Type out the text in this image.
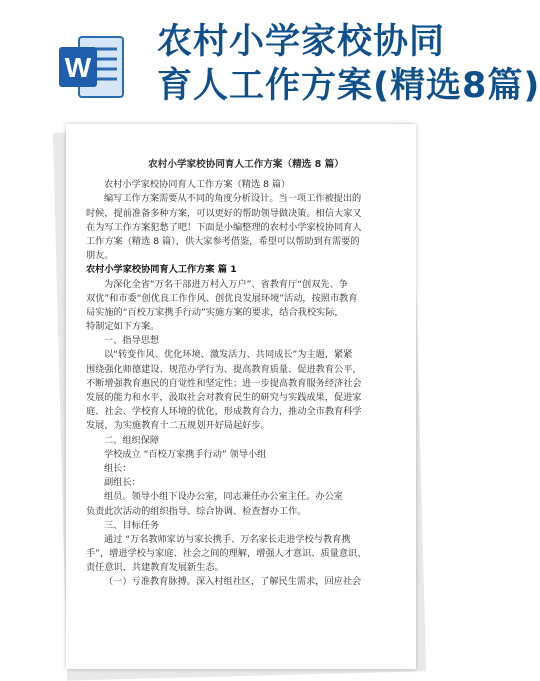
W
农村小学家校协同
育人工作方案(精选8篇)
农村小学家校协同育人工作方案（精选 8 篇）
农村小学家校协同育人工作方案（精选 8 篇）
编写工作方案需要从不同的角度分析设计。当一项工作被提出的
时候，提前准备多种方案，可以更好的帮助领导做决策。相信大家又
在为写工作方案犯愁了吧！下面是小编整理的农村小学家校协同育人
工作方案（精选 8 篇），供大家参考借鉴，希望可以帮助到有需要的
朋友。
农村小学家校协同育人工作方案 篇 1
为深化全省“万名干部进万村入万户”、省教育厅“创双先、争
双优”和市委“创优良工作作风、创优良发展环境”活动，按照市教育
局实施的“百校万家携手行动”实施方案的要求，结合我校实际，
特制定如下方案。
一、指导思想
以“转变作风、优化环境、激发活力、共同成长”为主题，紧紧
围绕强化师德建设、规范办学行为、提高教育质量、促进教育公平，
不断增强教育惠民的自觉性和坚定性；进一步提高教育服务经济社会
发展的能力和水平，汲取社会对教育民生的研究与实践成果，促进家
庭、社会、学校育人环境的优化，形成教育合力，推动全市教育科学
发展，为实施教育十二五规划开好局起好步。
二、组织保障
学校成立 “百校万家携手行动” 领导小组
组长：
副组长：
组员。领导小组下设办公室，同志兼任办公室主任。办公室
负责此次活动的组织指导、综合协调、检查督办工作。
三、目标任务
通过 “万名教师家访与家长携手、万名家长走进学校与教育携
手”，增进学校与家庭、社会之间的理解，增强人才意识、质量意识、
责任意识，共建教育发展新生态。
（一）亏准教育脉搏。深入村组社区，了解民生需求，回应社会
